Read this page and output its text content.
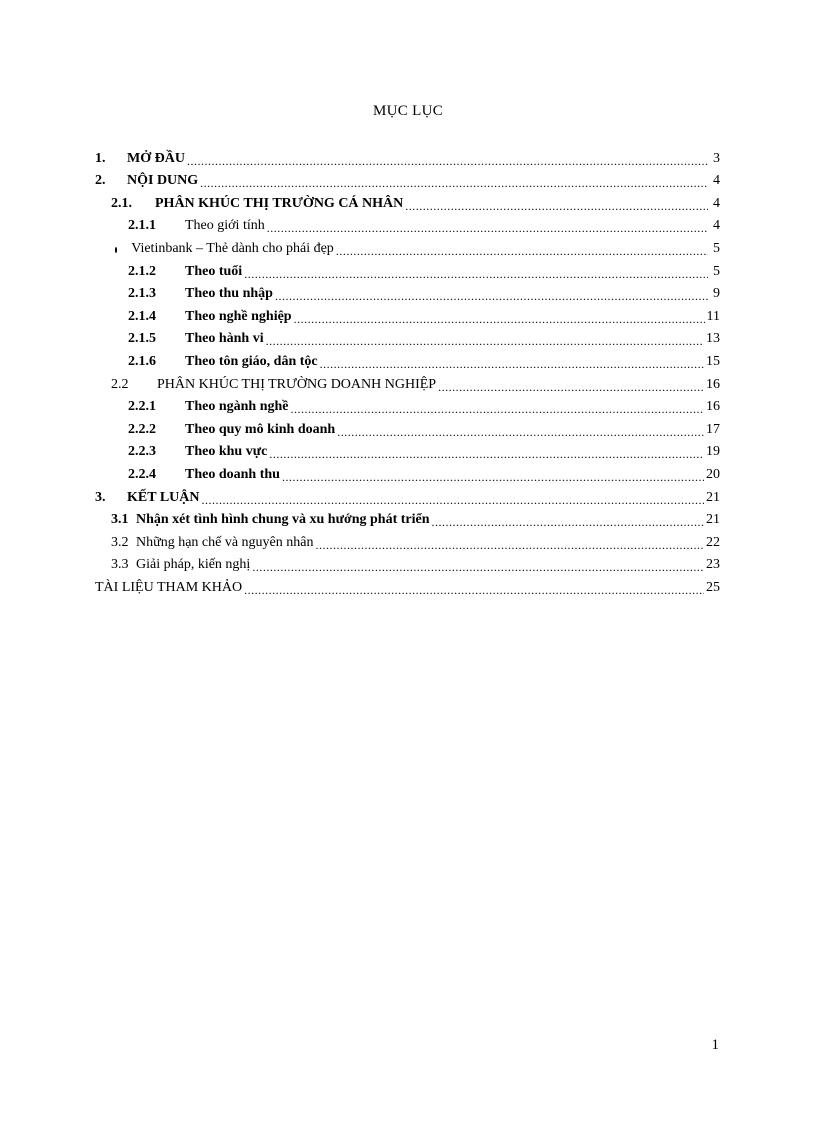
MỤC LỤC
1.	MỞ ĐẦU .....	3
2.	NỘI DUNG .....	4
2.1.	PHÂN KHÚC THỊ TRƯỜNG CÁ NHÂN .....	4
2.1.1	Theo giới tính .....	4
Vietinbank – Thẻ dành cho phái đẹp .....	5
2.1.2	Theo tuổi .....	5
2.1.3	Theo thu nhập .....	9
2.1.4	Theo nghề nghiệp .....	11
2.1.5	Theo hành vi .....	13
2.1.6	Theo tôn giáo, dân tộc .....	15
2.2	PHÂN KHÚC THỊ TRƯỜNG DOANH NGHIỆP .....	16
2.2.1	Theo ngành nghề .....	16
2.2.2	Theo quy mô kinh doanh .....	17
2.2.3	Theo khu vực .....	19
2.2.4	Theo doanh thu .....	20
3.	KẾT LUẬN .....	21
3.1 Nhận xét tình hình chung và xu hướng phát triển .....	21
3.2 Những hạn chế và nguyên nhân .....	22
3.3 Giải pháp, kiến nghị .....	23
TÀI LIỆU THAM KHẢO .....	25
1
